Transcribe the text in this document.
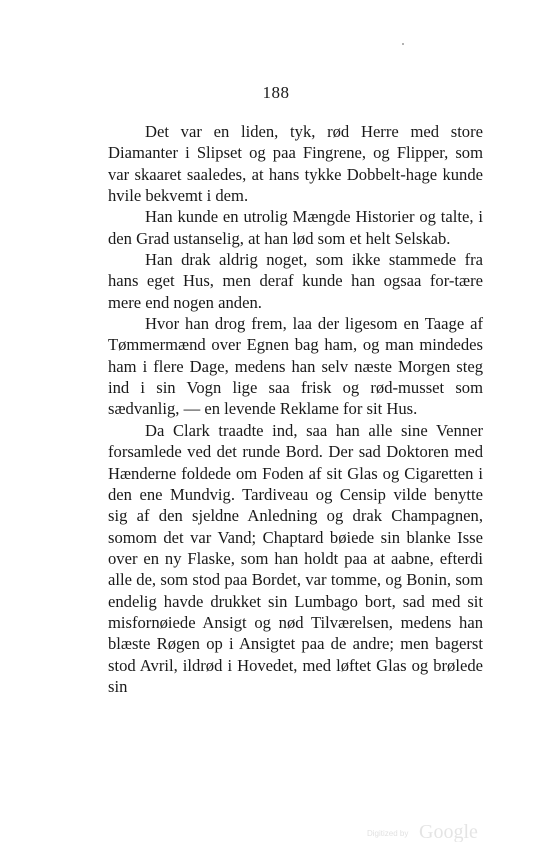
188

Det var en liden, tyk, rød Herre med store Diamanter i Slipset og paa Fingrene, og Flipper, som var skaaret saaledes, at hans tykke Dobbelt-hage kunde hvile bekvemt i dem.

Han kunde en utrolig Mængde Historier og talte, i den Grad ustanselig, at han lød som et helt Selskab.

Han drak aldrig noget, som ikke stammede fra hans eget Hus, men deraf kunde han ogsaa for-tære mere end nogen anden.

Hvor han drog frem, laa der ligesom en Taage af Tømmermænd over Egnen bag ham, og man mindedes ham i flere Dage, medens han selv næste Morgen steg ind i sin Vogn lige saa frisk og rød-musset som sædvanlig, — en levende Reklame for sit Hus.

Da Clark traadte ind, saa han alle sine Venner forsamlede ved det runde Bord. Der sad Doktoren med Hænderne foldede om Foden af sit Glas og Cigaretten i den ene Mundvig. Tardiveau og Censip vilde benytte sig af den sjeldne Anledning og drak Champagnen, somom det var Vand; Chaptard bøiede sin blanke Isse over en ny Flaske, som han holdt paa at aabne, efterdi alle de, som stod paa Bordet, var tomme, og Bonin, som endelig havde drukket sin Lumbago bort, sad med sit misfornøiede Ansigt og nød Tilværelsen, medens han blæste Røgen op i Ansigtet paa de andre; men bagerst stod Avril, ildrød i Hovedet, med løftet Glas og brølede sin

Digitized by Google
